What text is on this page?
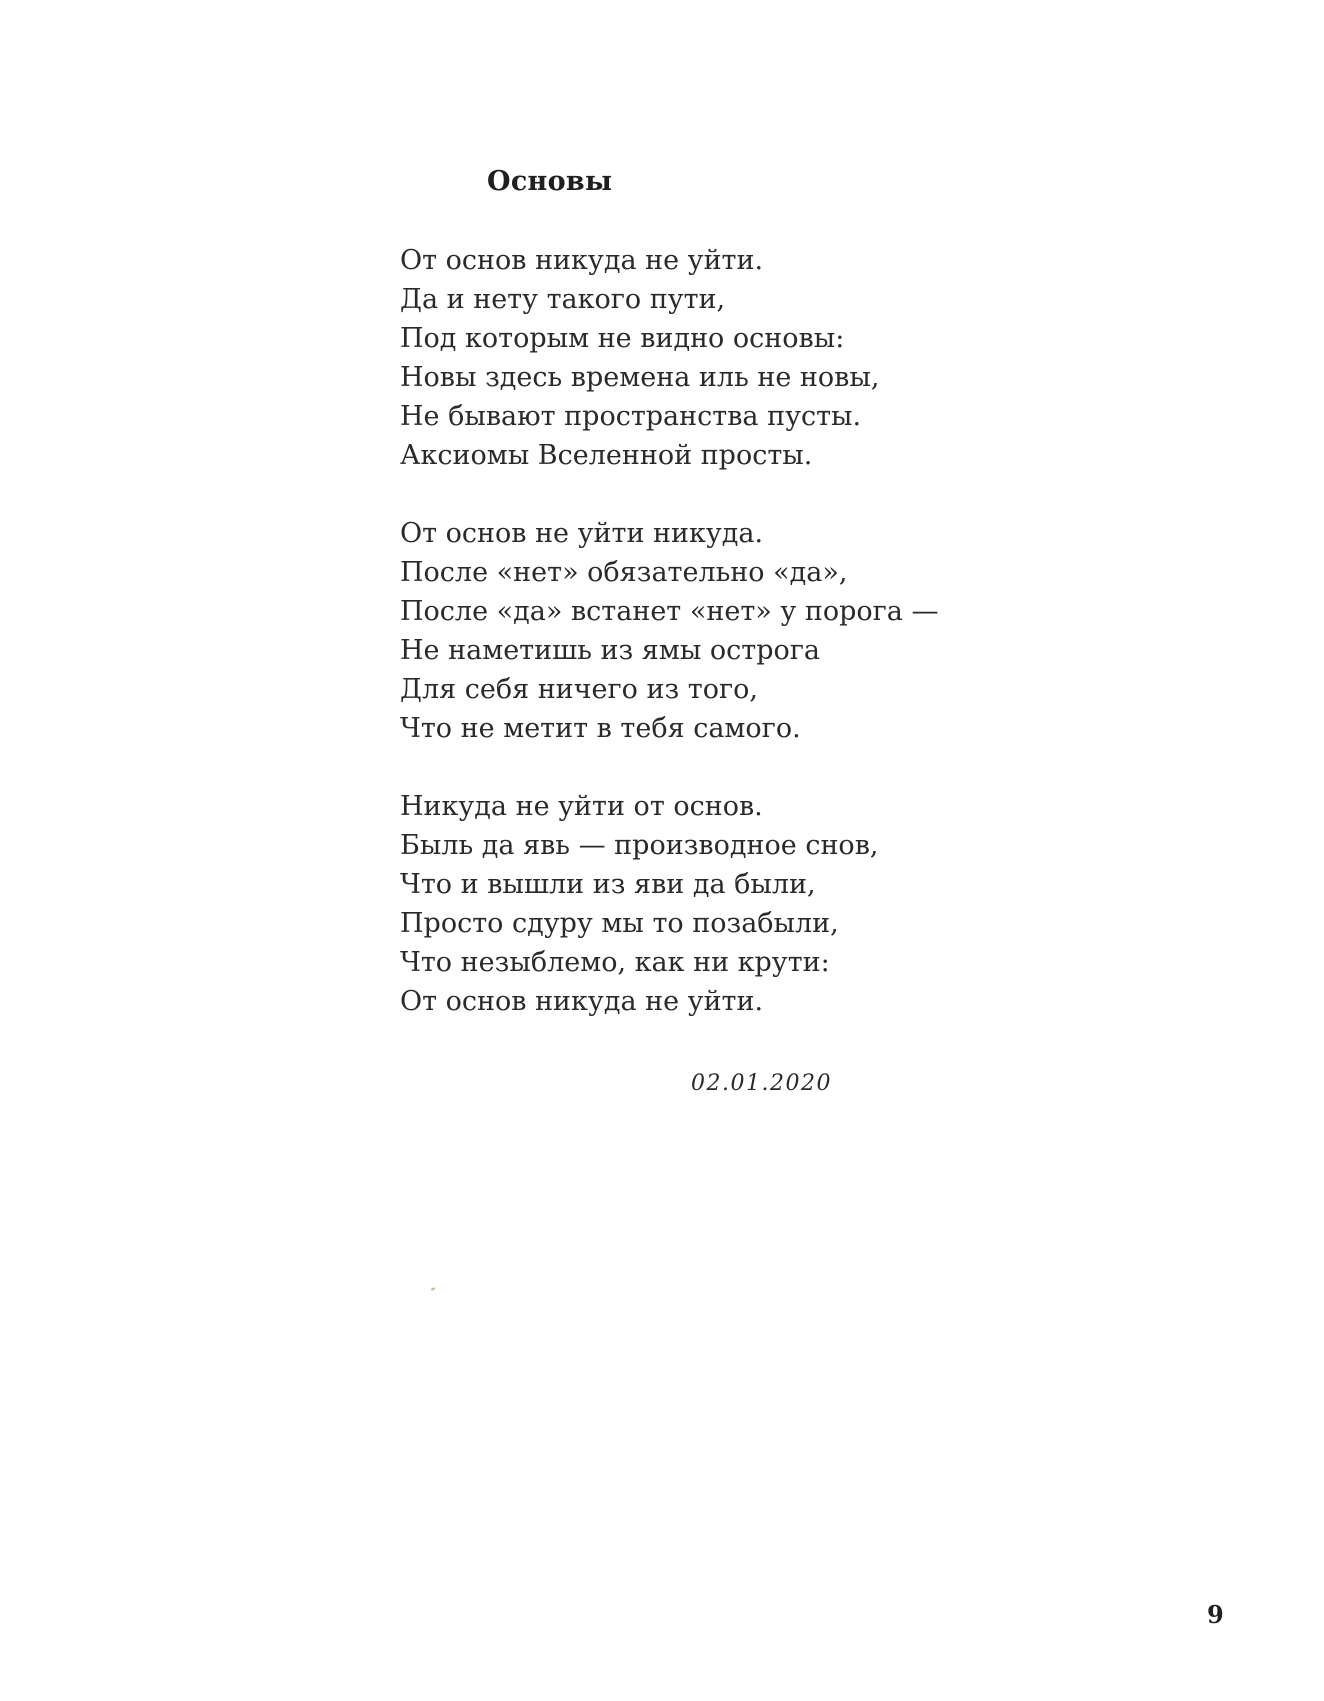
Основы
От основ никуда не уйти.
Да и нету такого пути,
Под которым не видно основы:
Новы здесь времена иль не новы,
Не бывают пространства пусты.
Аксиомы Вселенной просты.
От основ не уйти никуда.
После «нет» обязательно «да»,
После «да» встанет «нет» у порога —
Не наметишь из ямы острога
Для себя ничего из того,
Что не метит в тебя самого.
Никуда не уйти от основ.
Быль да явь — производное снов,
Что и вышли из яви да были,
Просто сдуру мы то позабыли,
Что незыблемо, как ни крути:
От основ никуда не уйти.
02.01.2020
9
